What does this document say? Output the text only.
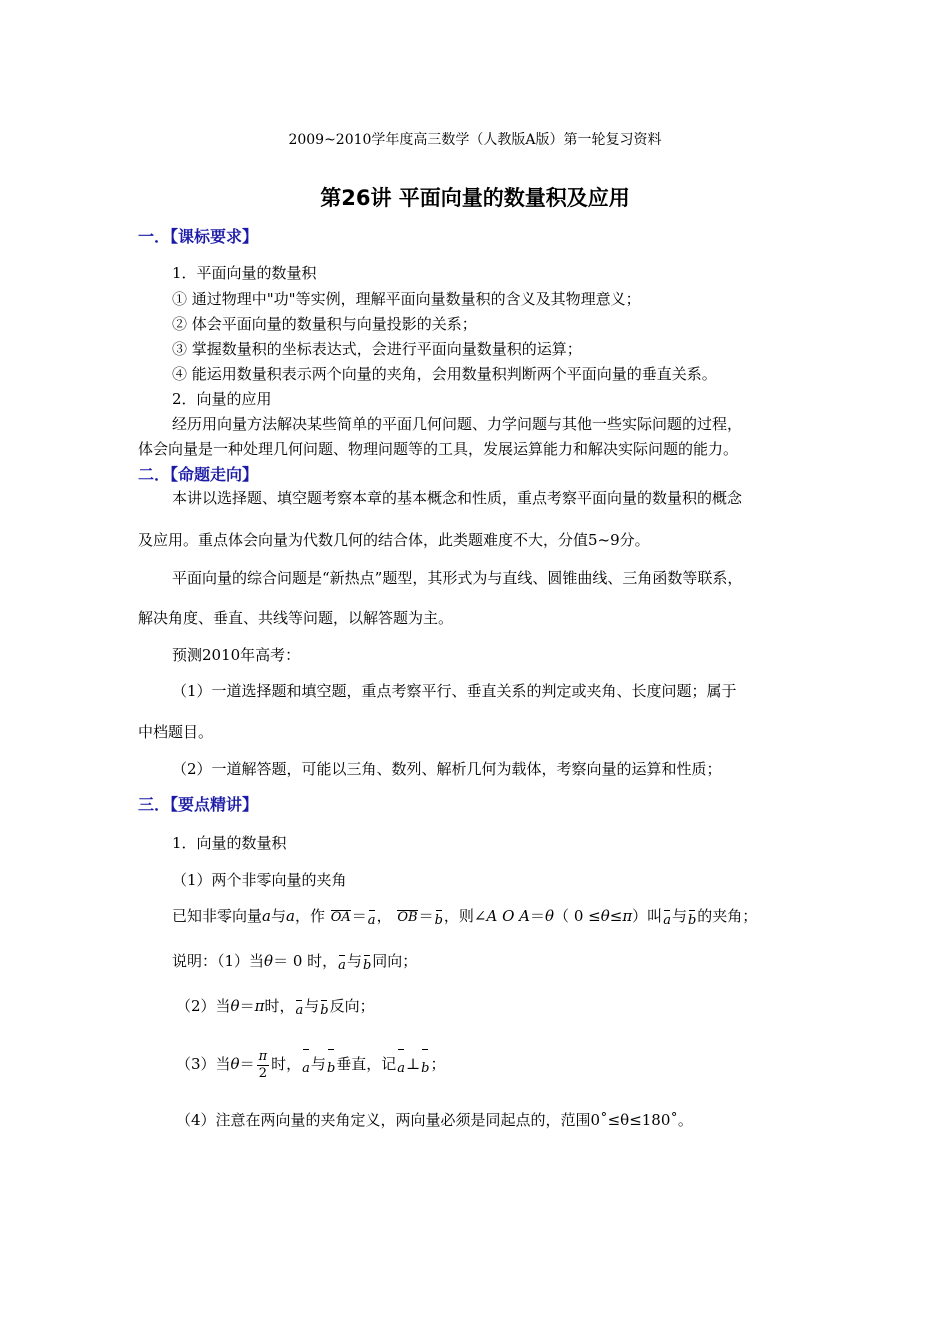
2009~2010学年度高三数学（人教版A版）第一轮复习资料
第26讲 平面向量的数量积及应用
一．【课标要求】
1．平面向量的数量积
① 通过物理中"功"等实例，理解平面向量数量积的含义及其物理意义；
② 体会平面向量的数量积与向量投影的关系；
③ 掌握数量积的坐标表达式，会进行平面向量数量积的运算；
④ 能运用数量积表示两个向量的夹角，会用数量积判断两个平面向量的垂直关系。
2．向量的应用
经历用向量方法解决某些简单的平面几何问题、力学问题与其他一些实际问题的过程，
体会向量是一种处理几何问题、物理问题等的工具，发展运算能力和解决实际问题的能力。
二．【命题走向】
本讲以选择题、填空题考察本章的基本概念和性质，重点考察平面向量的数量积的概念
及应用。重点体会向量为代数几何的结合体，此类题难度不大，分值5~9分。
平面向量的综合问题是“新热点”题型，其形式为与直线、圆锥曲线、三角函数等联系，
解决角度、垂直、共线等问题，以解答题为主。
预测2010年高考：
（1）一道选择题和填空题，重点考察平行、垂直关系的判定或夹角、长度问题；属于
中档题目。
（2）一道解答题，可能以三角、数列、解析几何为载体，考察向量的运算和性质；
三．【要点精讲】
1．向量的数量积
（1）两个非零向量的夹角
已知非零向量a与a，作 OA＝a， OB＝b，则∠A O A＝θ（ 0 ≤θ≤π）叫a与b的夹角；
说明：（1）当θ＝ 0 时，a与b同向；
（2）当θ＝π时，a与b反向；
（3）当$\theta= \frac{\pi}{2}$ 时，a与b垂直，记a⊥b；
（4）注意在两向量的夹角定义，两向量必须是同起点的，范围0˚≤θ≤180˚。
